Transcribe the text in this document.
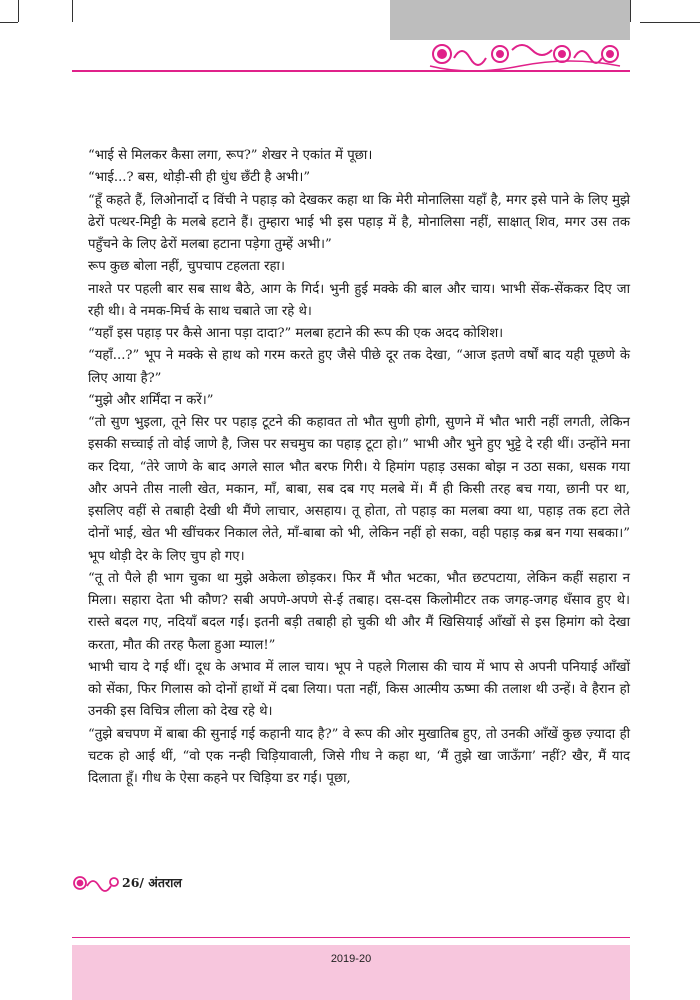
“भाई से मिलकर कैसा लगा, रूप?” शेखर ने एकांत में पूछा।

“भाई...? बस, थोड़ी-सी ही धुंध छँटी है अभी।”

“हूँ कहते हैं, लिओनार्दो द विंची ने पहाड़ को देखकर कहा था कि मेरी मोनालिसा यहाँ है, मगर इसे पाने के लिए मुझे ढेरों पत्थर-मिट्टी के मलबे हटाने हैं। तुम्हारा भाई भी इस पहाड़ में है, मोनालिसा नहीं, साक्षात् शिव, मगर उस तक पहुँचने के लिए ढेरों मलबा हटाना पड़ेगा तुम्हें अभी।”

रूप कुछ बोला नहीं, चुपचाप टहलता रहा।

नाश्ते पर पहली बार सब साथ बैठे, आग के गिर्द। भुनी हुई मक्के की बाल और चाय। भाभी सेंक-सेंककर दिए जा रही थी। वे नमक-मिर्च के साथ चबाते जा रहे थे।

“यहाँ इस पहाड़ पर कैसे आना पड़ा दादा?” मलबा हटाने की रूप की एक अदद कोशिश।

“यहाँ...?” भूप ने मक्के से हाथ को गरम करते हुए जैसे पीछे दूर तक देखा, “आज इतणे वर्षों बाद यही पूछणे के लिए आया है?”

“मुझे और शर्मिंदा न करें।”

“तो सुण भुइला, तूने सिर पर पहाड़ टूटने की कहावत तो भौत सुणी होगी, सुणने में भौत भारी नहीं लगती, लेकिन इसकी सच्चाई तो वोई जाणे है, जिस पर सचमुच का पहाड़ टूटा हो।” भाभी और भुने हुए भुट्टे दे रही थीं। उन्होंने मना कर दिया, “तेरे जाणे के बाद अगले साल भौत बरफ गिरी। ये हिमांग पहाड़ उसका बोझ न उठा सका, धसक गया और अपने तीस नाली खेत, मकान, माँ, बाबा, सब दब गए मलबे में। मैं ही किसी तरह बच गया, छानी पर था, इसलिए वहीं से तबाही देखी थी मैंणे लाचार, असहाय। तू होता, तो पहाड़ का मलबा क्या था, पहाड़ तक हटा लेते दोनों भाई, खेत भी खींचकर निकाल लेते, माँ-बाबा को भी, लेकिन नहीं हो सका, वही पहाड़ कब्र बन गया सबका।” भूप थोड़ी देर के लिए चुप हो गए।

“तू तो पैले ही भाग चुका था मुझे अकेला छोड़कर। फिर मैं भौत भटका, भौत छटपटाया, लेकिन कहीं सहारा न मिला। सहारा देता भी कौण? सबी अपणे-अपणे से-ई तबाह। दस-दस किलोमीटर तक जगह-जगह धँसाव हुए थे। रास्ते बदल गए, नदियाँ बदल गईं। इतनी बड़ी तबाही हो चुकी थी और मैं खिसियाई आँखों से इस हिमांग को देखा करता, मौत की तरह फैला हुआ म्याल!”

भाभी चाय दे गई थीं। दूध के अभाव में लाल चाय। भूप ने पहले गिलास की चाय में भाप से अपनी पनियाई आँखों को सेंका, फिर गिलास को दोनों हाथों में दबा लिया। पता नहीं, किस आत्मीय ऊष्मा की तलाश थी उन्हें। वे हैरान हो उनकी इस विचित्र लीला को देख रहे थे।

“तुझे बचपण में बाबा की सुनाई गई कहानी याद है?” वे रूप की ओर मुखातिब हुए, तो उनकी आँखें कुछ ज़्यादा ही चटक हो आई थीं, “वो एक नन्ही चिड़ियावाली, जिसे गीध ने कहा था, ‘मैं तुझे खा जाऊँगा’ नहीं? खैर, मैं याद दिलाता हूँ। गीध के ऐसा कहने पर चिड़िया डर गई। पूछा,

26/ अंतराल
2019-20
